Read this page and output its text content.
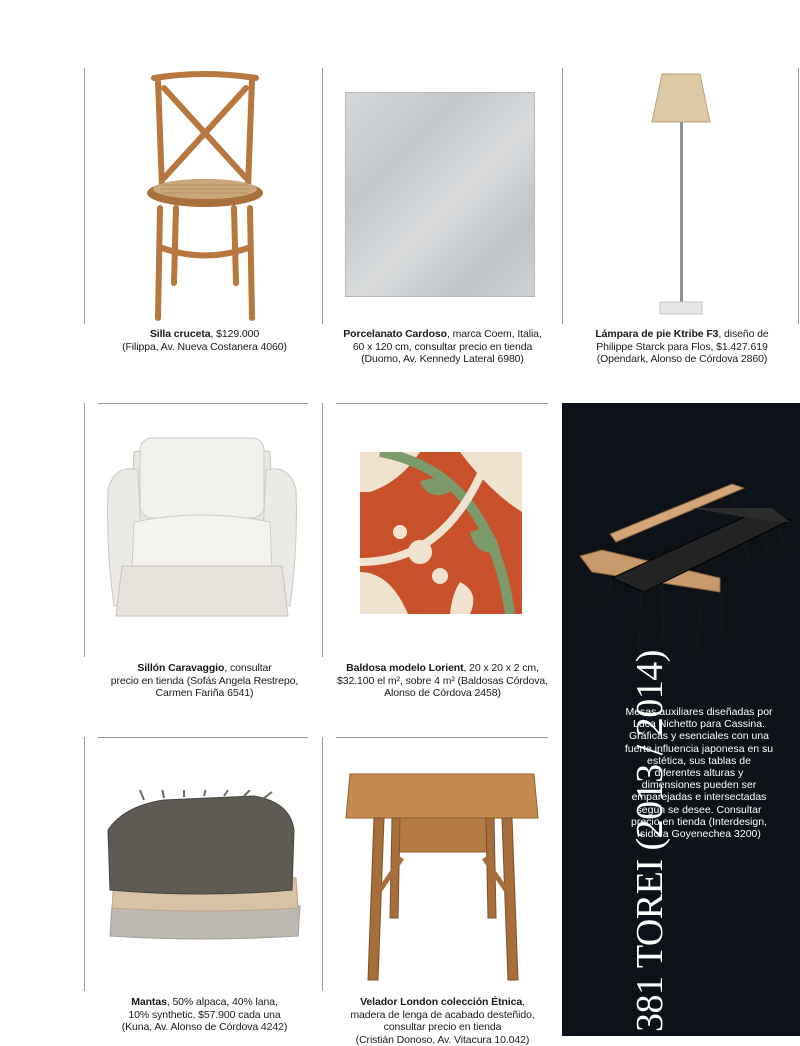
Silla cruceta, $129.000
(Filippa, Av. Nueva Costanera 4060)
Porcelanato Cardoso, marca Coem, Italia,
60 x 120 cm, consultar precio en tienda
(Duomo, Av. Kennedy Lateral 6980)
Lámpara de pie Ktribe F3, diseño de
Philippe Starck para Flos, $1.427.619
(Opendark, Alonso de Córdova 2860)
Sillón Caravaggio, consultar
precio en tienda (Sofás Angela Restrepo,
Carmen Fariña 6541)
Baldosa modelo Lorient, 20 x 20 x 2 cm,
$32.100 el m², sobre 4 m² (Baldosas Córdova,
Alonso de Córdova 2458)
Mantas, 50% alpaca, 40% lana,
10% synthetic, $57.900 cada una
(Kuna, Av. Alonso de Córdova 4242)
Velador London colección Étnica,
madera de lenga de acabado desteñido,
consultar precio en tienda
(Cristián Donoso, Av. Vitacura 10.042)
381 TOREI (2013 / 2014)
Mesas auxiliares diseñadas por Luca Nichetto para Cassina. Gráficas y esenciales con una fuerte influencia japonesa en su estética, sus tablas de diferentes alturas y dimensiones pueden ser emparejadas e intersectadas según se desee. Consultar precio en tienda (Interdesign, Isidora Goyenechea 3200)
